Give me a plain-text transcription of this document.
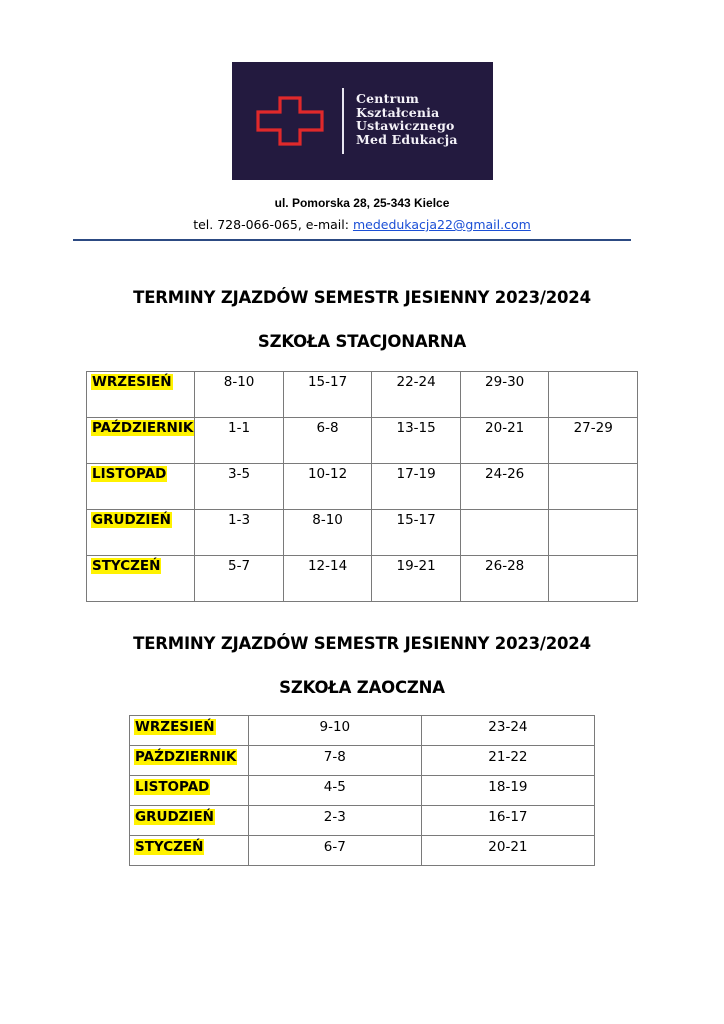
Centrum
Kształcenia
Ustawicznego
Med Edukacja
ul. Pomorska 28, 25-343 Kielce
tel. 728-066-065, e-mail: mededukacja22@gmail.com
TERMINY ZJAZDÓW SEMESTR JESIENNY 2023/2024
SZKOŁA STACJONARNA
WRZESIEŃ	8-10	15-17	22-24	29-30	
PAŹDZIERNIK	1-1	6-8	13-15	20-21	27-29
LISTOPAD	3-5	10-12	17-19	24-26	
GRUDZIEŃ	1-3	8-10	15-17		
STYCZEŃ	5-7	12-14	19-21	26-28	
TERMINY ZJAZDÓW SEMESTR JESIENNY 2023/2024
SZKOŁA ZAOCZNA
WRZESIEŃ	9-10	23-24
PAŹDZIERNIK	7-8	21-22
LISTOPAD	4-5	18-19
GRUDZIEŃ	2-3	16-17
STYCZEŃ	6-7	20-21
